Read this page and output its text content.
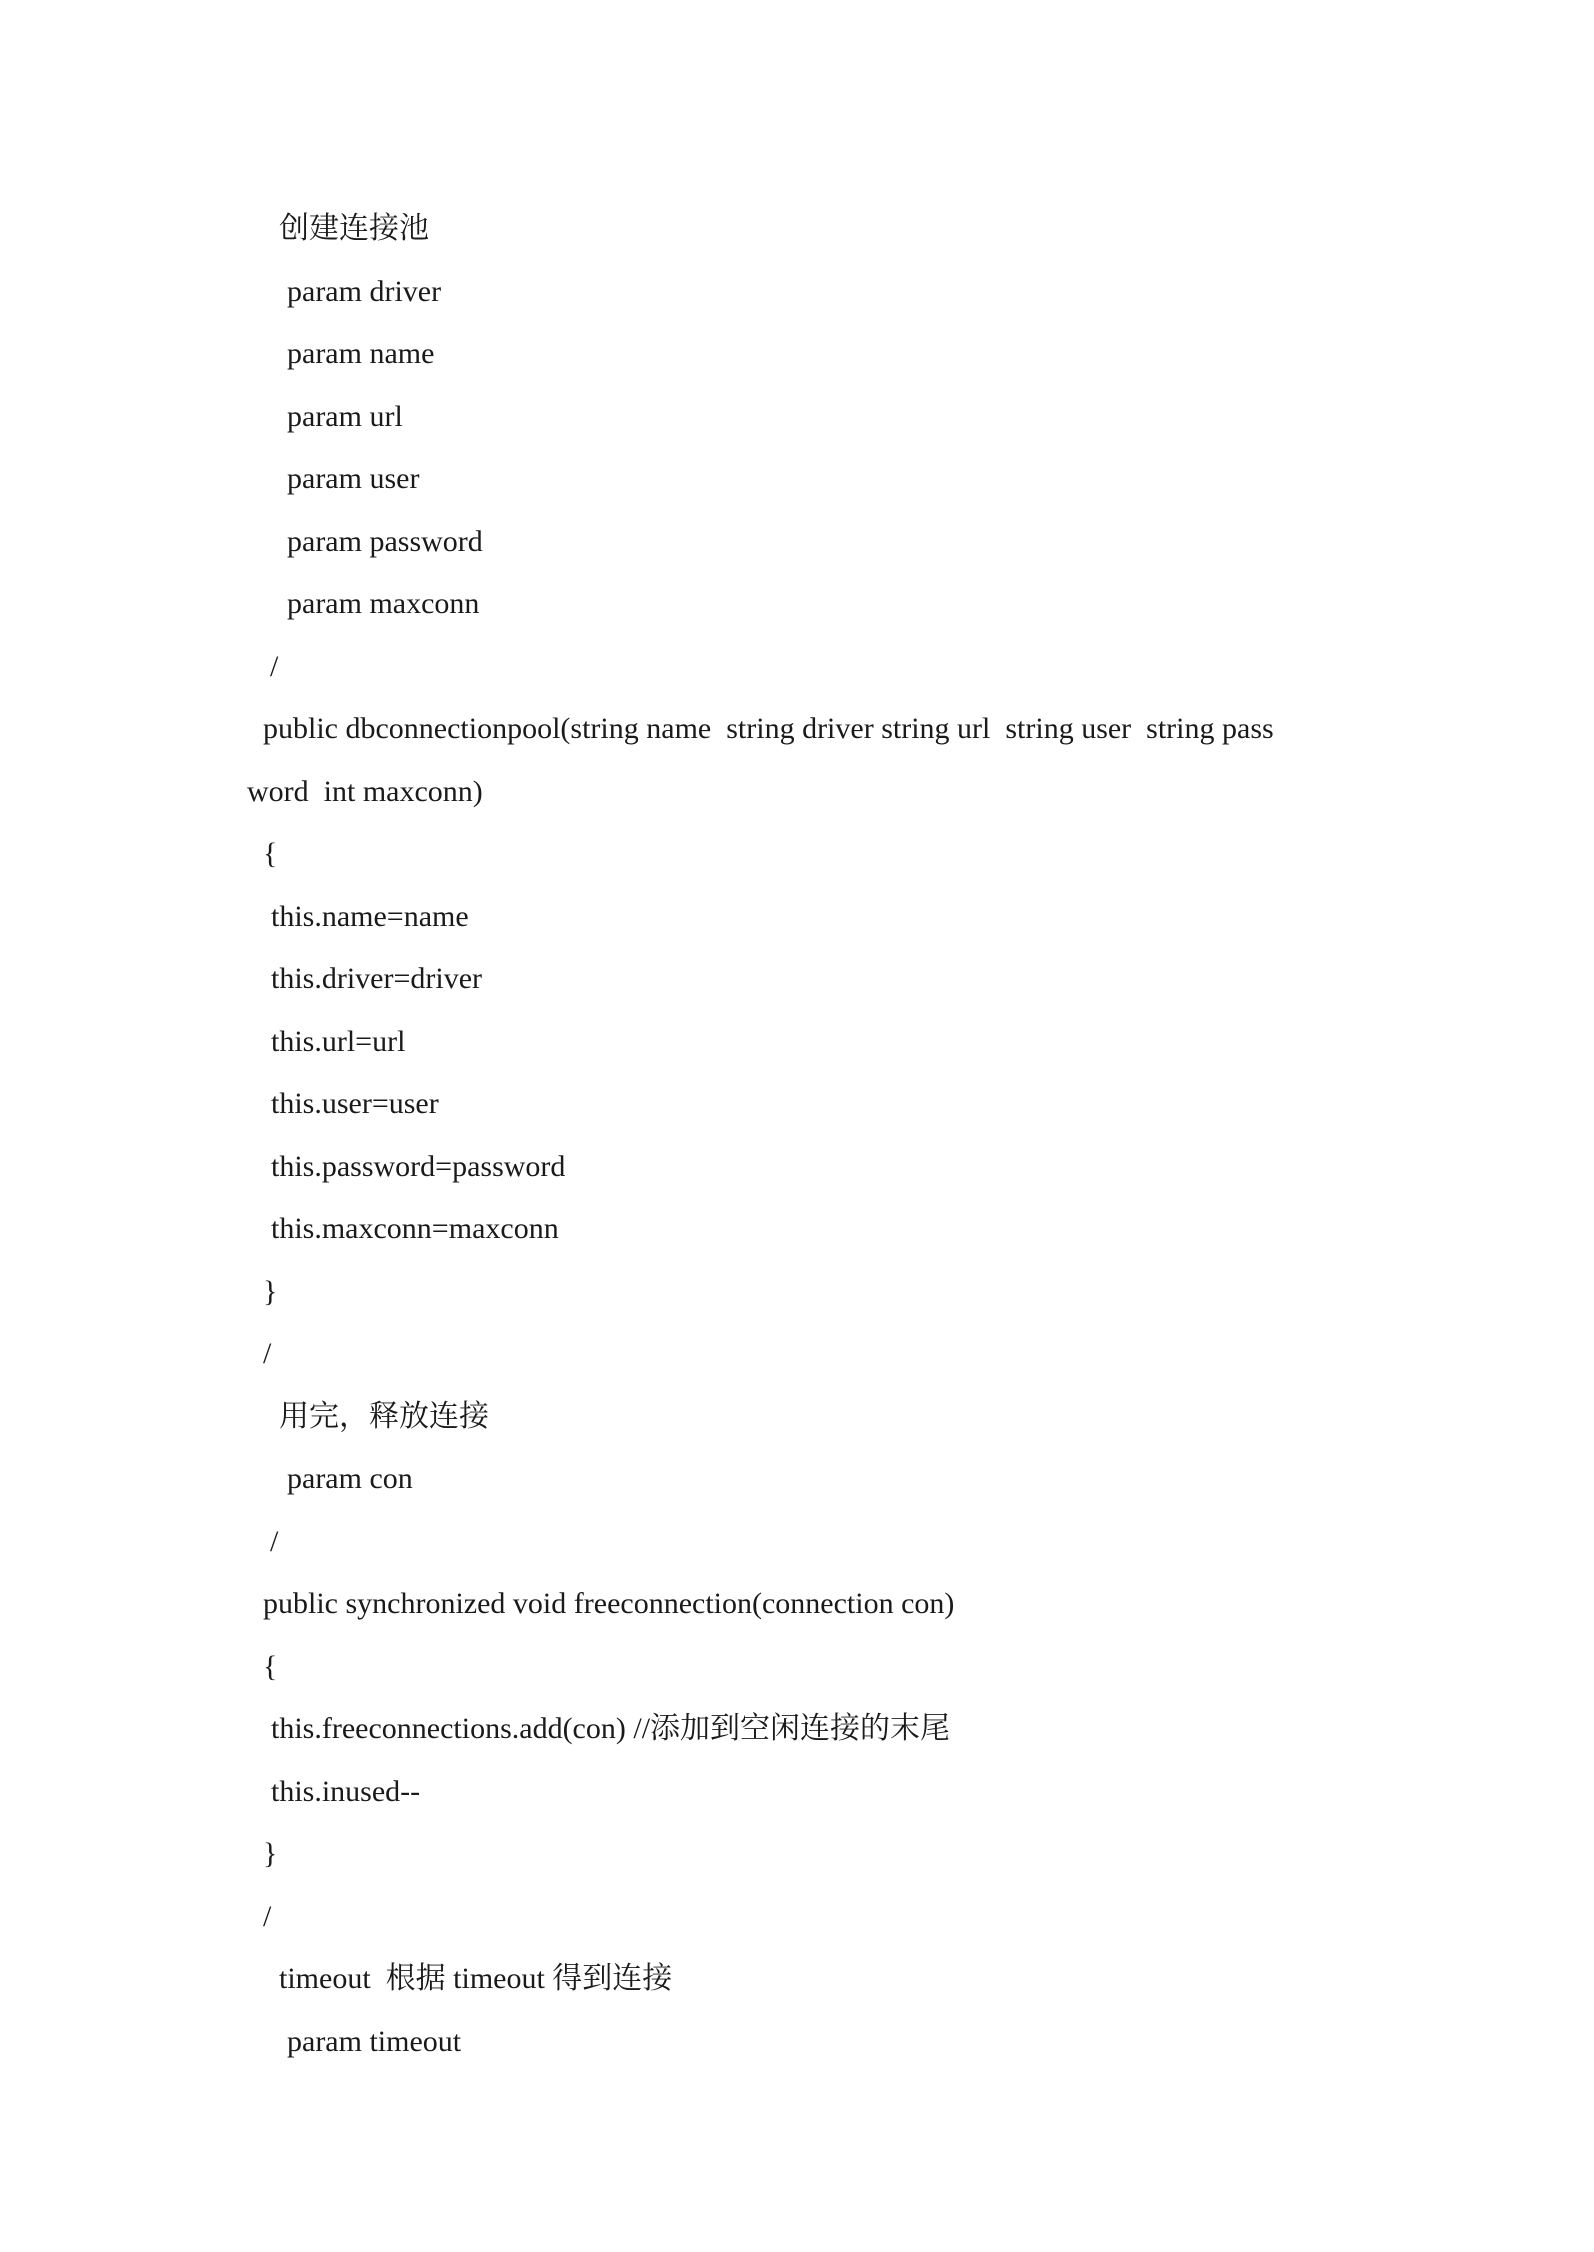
创建连接池
param driver
param name
param url
param user
param password
param maxconn
/
public dbconnectionpool(string name  string driver string url  string user  string pass
word  int maxconn)
{
this.name=name
this.driver=driver
this.url=url
this.user=user
this.password=password
this.maxconn=maxconn
}
/
用完，释放连接
param con
/
public synchronized void freeconnection(connection con)
{
this.freeconnections.add(con) //添加到空闲连接的末尾
this.inused--
}
/
timeout  根据 timeout 得到连接
param timeout
